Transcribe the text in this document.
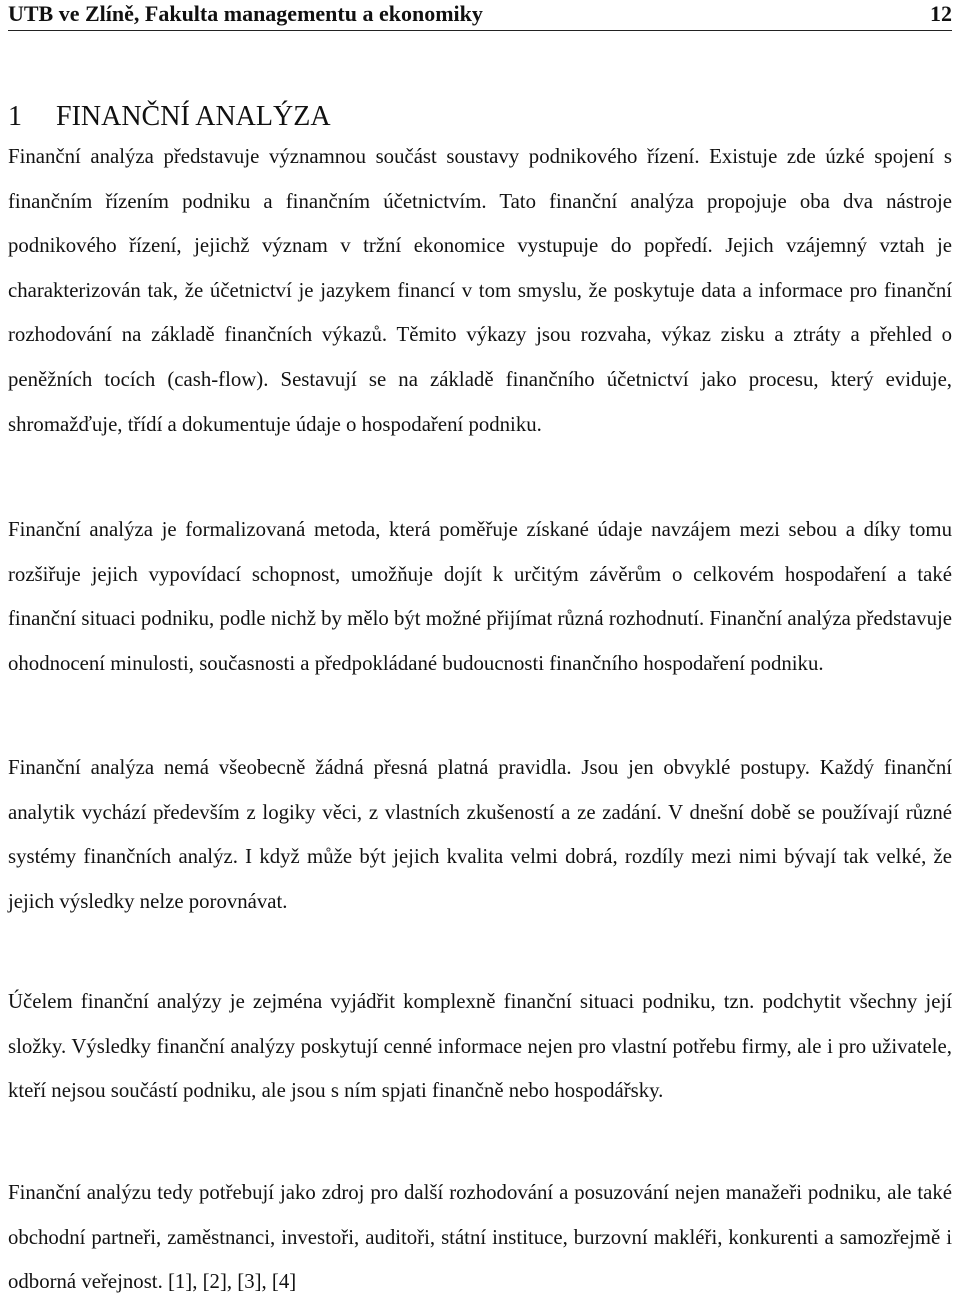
UTB ve Zlíně, Fakulta managementu a ekonomiky	12
1 FINANČNÍ ANALÝZA

Finanční analýza představuje významnou součást soustavy podnikového řízení. Existuje zde úzké spojení s finančním řízením podniku a finančním účetnictvím. Tato finanční analýza propojuje oba dva nástroje podnikového řízení, jejichž význam v tržní ekonomice vystupuje do popředí. Jejich vzájemný vztah je charakterizován tak, že účetnictví je jazykem financí v tom smyslu, že poskytuje data a informace pro finanční rozhodování na základě finančních výkazů. Těmito výkazy jsou rozvaha, výkaz zisku a ztráty a přehled o peněžních tocích (cash-flow). Sestavují se na základě finančního účetnictví jako procesu, který eviduje, shromažďuje, třídí a dokumentuje údaje o hospodaření podniku.

Finanční analýza je formalizovaná metoda, která poměřuje získané údaje navzájem mezi sebou a díky tomu rozšiřuje jejich vypovídací schopnost, umožňuje dojít k určitým závěrům o celkovém hospodaření a také finanční situaci podniku, podle nichž by mělo být možné přijímat různá rozhodnutí. Finanční analýza představuje ohodnocení minulosti, současnosti a předpokládané budoucnosti finančního hospodaření podniku.

Finanční analýza nemá všeobecně žádná přesná platná pravidla. Jsou jen obvyklé postupy. Každý finanční analytik vychází především z logiky věci, z vlastních zkušeností a ze zadání. V dnešní době se používají různé systémy finančních analýz. I když může být jejich kvalita velmi dobrá, rozdíly mezi nimi bývají tak velké, že jejich výsledky nelze porovnávat.

Účelem finanční analýzy je zejména vyjádřit komplexně finanční situaci podniku, tzn. podchytit všechny její složky. Výsledky finanční analýzy poskytují cenné informace nejen pro vlastní potřebu firmy, ale i pro uživatele, kteří nejsou součástí podniku, ale jsou s ním spjati finančně nebo hospodářsky.

Finanční analýzu tedy potřebují jako zdroj pro další rozhodování a posuzování nejen manažeři podniku, ale také obchodní partneři, zaměstnanci, investoři, auditoři, státní instituce, burzovní makléři, konkurenti a samozřejmě i odborná veřejnost. [1], [2], [3], [4]
